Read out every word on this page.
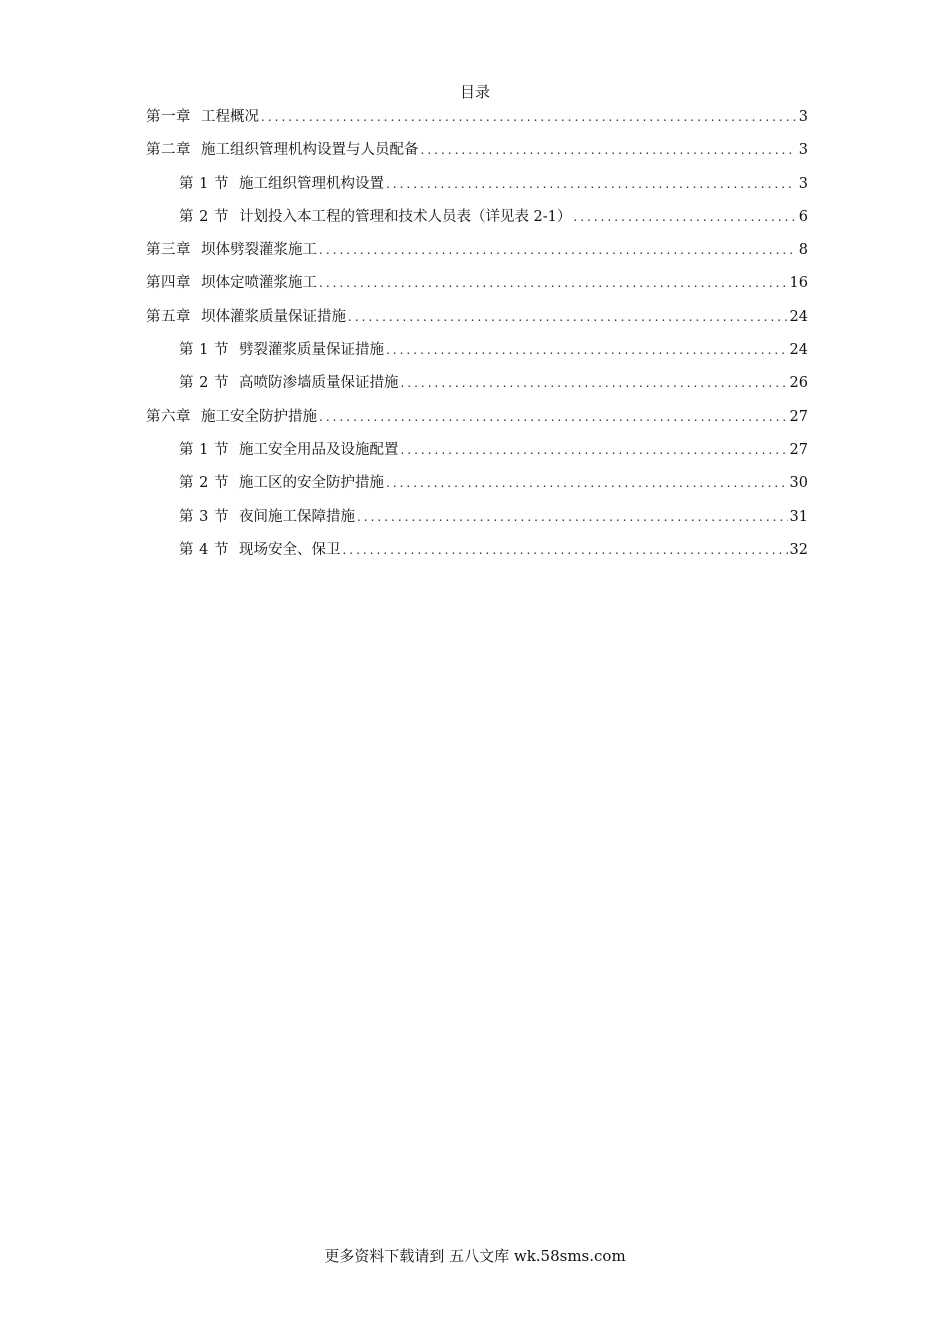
目录
第一章 工程概况 .....	3
第二章 施工组织管理机构设置与人员配备 .....	3
第 1 节 施工组织管理机构设置 .....	3
第 2 节 计划投入本工程的管理和技术人员表（详见表 2-1） .....	6
第三章 坝体劈裂灌浆施工 .....	8
第四章 坝体定喷灌浆施工 .....	16
第五章 坝体灌浆质量保证措施 .....	24
第 1 节 劈裂灌浆质量保证措施 .....	24
第 2 节 高喷防渗墙质量保证措施 .....	26
第六章 施工安全防护措施 .....	27
第 1 节 施工安全用品及设施配置 .....	27
第 2 节 施工区的安全防护措施 .....	30
第 3 节 夜间施工保障措施 .....	31
第 4 节 现场安全、保卫 .....	32
更多资料下载请到 五八文库 wk.58sms.com
